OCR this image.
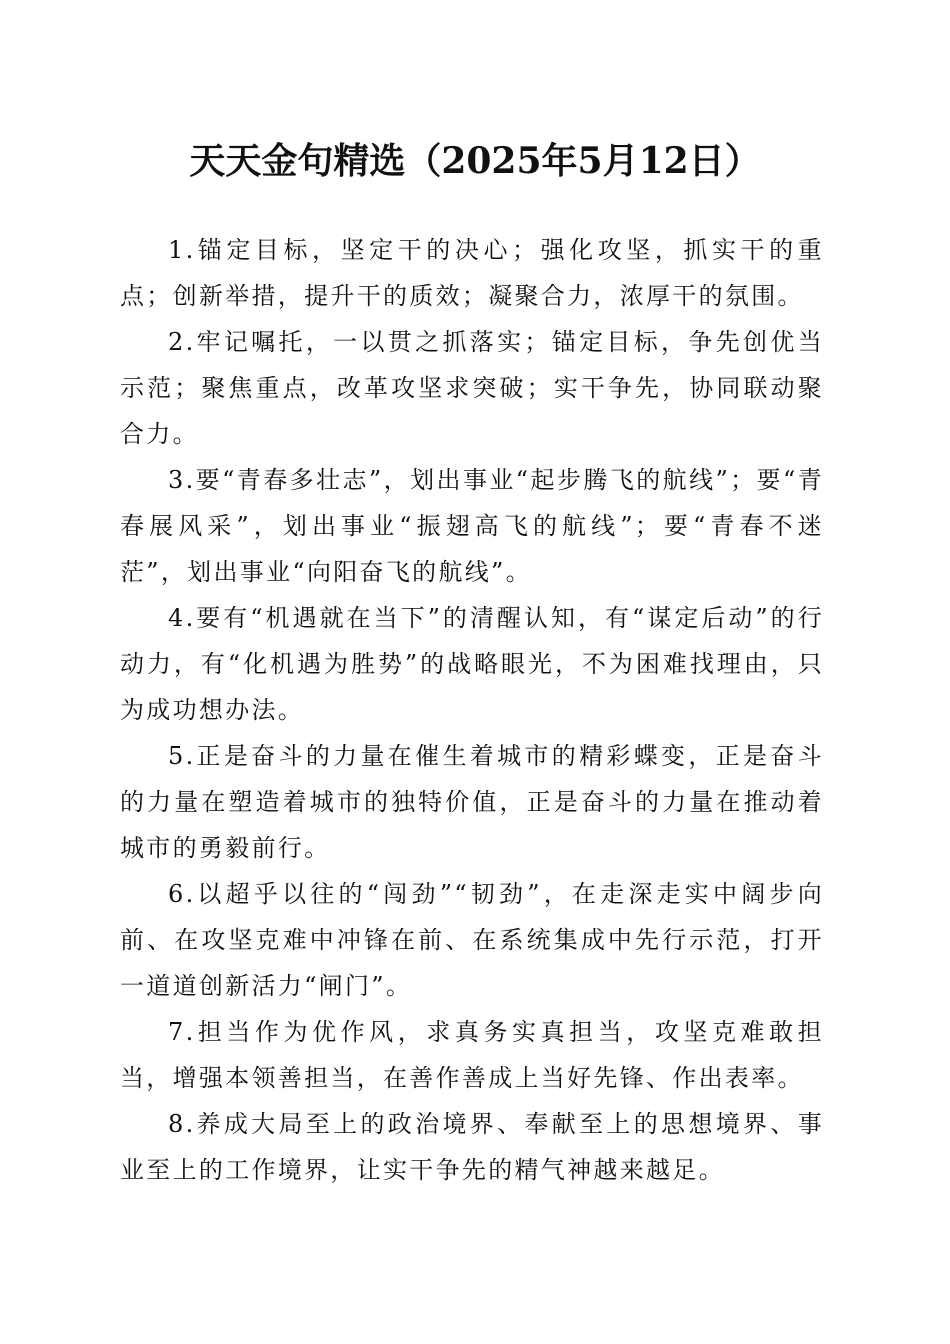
天天金句精选（2025年5月12日）

1.锚定目标，坚定干的决心；强化攻坚，抓实干的重点；创新举措，提升干的质效；凝聚合力，浓厚干的氛围。

2.牢记嘱托，一以贯之抓落实；锚定目标，争先创优当示范；聚焦重点，改革攻坚求突破；实干争先，协同联动聚合力。

3.要“青春多壮志”，划出事业“起步腾飞的航线”；要“青春展风采”，划出事业“振翅高飞的航线”；要“青春不迷茫”，划出事业“向阳奋飞的航线”。

4.要有“机遇就在当下”的清醒认知，有“谋定后动”的行动力，有“化机遇为胜势”的战略眼光，不为困难找理由，只为成功想办法。

5.正是奋斗的力量在催生着城市的精彩蝶变，正是奋斗的力量在塑造着城市的独特价值，正是奋斗的力量在推动着城市的勇毅前行。

6.以超乎以往的“闯劲”“韧劲”，在走深走实中阔步向前、在攻坚克难中冲锋在前、在系统集成中先行示范，打开一道道创新活力“闸门”。

7.担当作为优作风，求真务实真担当，攻坚克难敢担当，增强本领善担当，在善作善成上当好先锋、作出表率。

8.养成大局至上的政治境界、奉献至上的思想境界、事业至上的工作境界，让实干争先的精气神越来越足。
